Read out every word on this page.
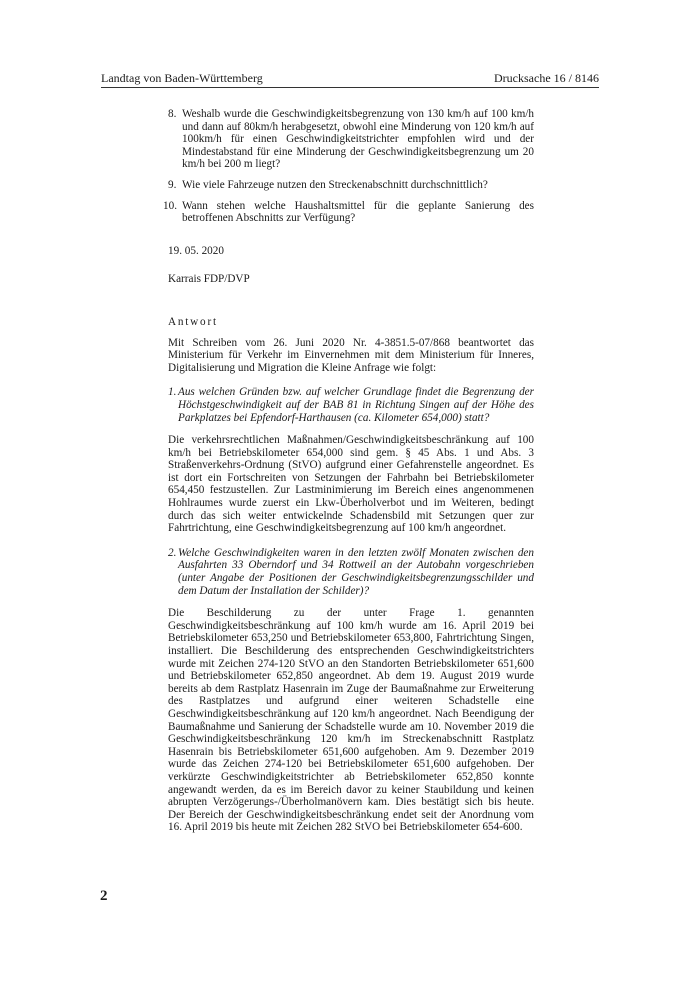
Landtag von Baden-Württemberg	Drucksache 16 / 8146
8. Weshalb wurde die Geschwindigkeitsbegrenzung von 130 km/h auf 100 km/h und dann auf 80km/h herabgesetzt, obwohl eine Minderung von 120 km/h auf 100km/h für einen Geschwindigkeitstrichter empfohlen wird und der Mindestabstand für eine Minderung der Geschwindigkeitsbegrenzung um 20 km/h bei 200 m liegt?
9. Wie viele Fahrzeuge nutzen den Streckenabschnitt durchschnittlich?
10. Wann stehen welche Haushaltsmittel für die geplante Sanierung des betroffenen Abschnitts zur Verfügung?
19. 05. 2020
Karrais FDP/DVP
Antwort
Mit Schreiben vom 26. Juni 2020 Nr. 4-3851.5-07/868 beantwortet das Ministerium für Verkehr im Einvernehmen mit dem Ministerium für Inneres, Digitalisierung und Migration die Kleine Anfrage wie folgt:
1. Aus welchen Gründen bzw. auf welcher Grundlage findet die Begrenzung der Höchstgeschwindigkeit auf der BAB 81 in Richtung Singen auf der Höhe des Parkplatzes bei Epfendorf-Harthausen (ca. Kilometer 654,000) statt?
Die verkehrsrechtlichen Maßnahmen/Geschwindigkeitsbeschränkung auf 100 km/h bei Betriebskilometer 654,000 sind gem. § 45 Abs. 1 und Abs. 3 Straßenverkehrs-Ordnung (StVO) aufgrund einer Gefahrenstelle angeordnet. Es ist dort ein Fortschreiten von Setzungen der Fahrbahn bei Betriebskilometer 654,450 festzustellen. Zur Lastminimierung im Bereich eines angenommenen Hohlraumes wurde zuerst ein Lkw-Überholverbot und im Weiteren, bedingt durch das sich weiter entwickelnde Schadensbild mit Setzungen quer zur Fahrtrichtung, eine Geschwindigkeitsbegrenzung auf 100 km/h angeordnet.
2. Welche Geschwindigkeiten waren in den letzten zwölf Monaten zwischen den Ausfahrten 33 Oberndorf und 34 Rottweil an der Autobahn vorgeschrieben (unter Angabe der Positionen der Geschwindigkeitsbegrenzungsschilder und dem Datum der Installation der Schilder)?
Die Beschilderung zu der unter Frage 1. genannten Geschwindigkeitsbeschränkung auf 100 km/h wurde am 16. April 2019 bei Betriebskilometer 653,250 und Betriebskilometer 653,800, Fahrtrichtung Singen, installiert. Die Beschilderung des entsprechenden Geschwindigkeitstrichters wurde mit Zeichen 274-120 StVO an den Standorten Betriebskilometer 651,600 und Betriebskilometer 652,850 angeordnet. Ab dem 19. August 2019 wurde bereits ab dem Rastplatz Hasenrain im Zuge der Baumaßnahme zur Erweiterung des Rastplatzes und aufgrund einer weiteren Schadstelle eine Geschwindigkeitsbeschränkung auf 120 km/h angeordnet. Nach Beendigung der Baumaßnahme und Sanierung der Schadstelle wurde am 10. November 2019 die Geschwindigkeitsbeschränkung 120 km/h im Streckenabschnitt Rastplatz Hasenrain bis Betriebskilometer 651,600 aufgehoben. Am 9. Dezember 2019 wurde das Zeichen 274-120 bei Betriebskilometer 651,600 aufgehoben. Der verkürzte Geschwindigkeitstrichter ab Betriebskilometer 652,850 konnte angewandt werden, da es im Bereich davor zu keiner Staubildung und keinen abrupten Verzögerungs-/Überholmanövern kam. Dies bestätigt sich bis heute. Der Bereich der Geschwindigkeitsbeschränkung endet seit der Anordnung vom 16. April 2019 bis heute mit Zeichen 282 StVO bei Betriebskilometer 654-600.
2
